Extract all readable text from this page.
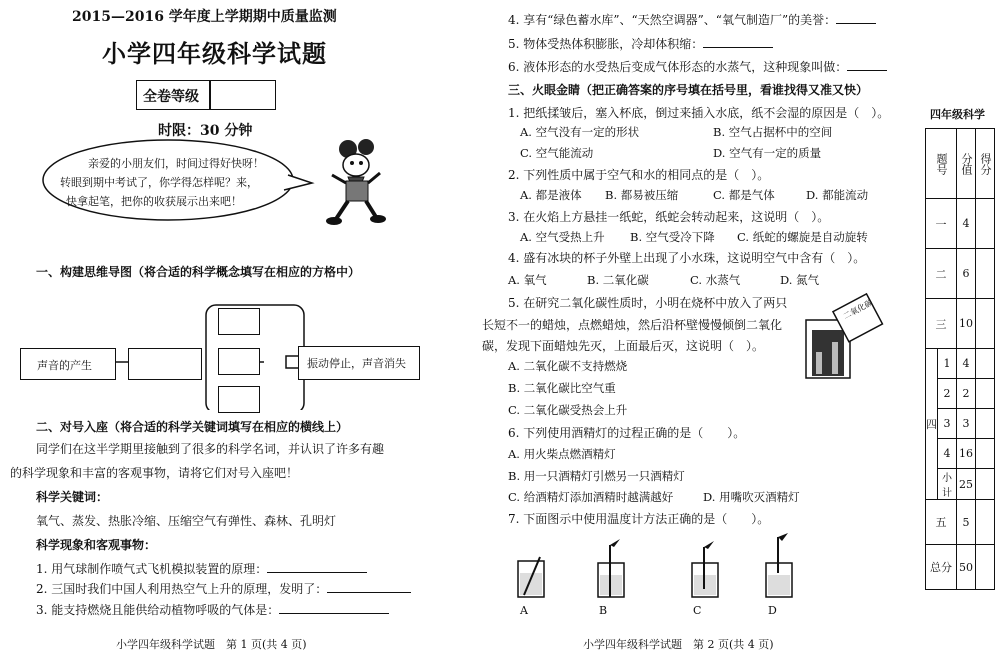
2015—2016 学年度上学期期中质量监测
小学四年级科学试题
全卷等级
时限：30 分钟
亲爱的小朋友们，时间过得好快呀！
转眼到期中考试了，你学得怎样呢？来，
快拿起笔，把你的收获展示出来吧！
一、构建思维导图（将合适的科学概念填写在相应的方格中）
声音的产生	振动停止，声音消失
二、对号入座（将合适的科学关键词填写在相应的横线上）
同学们在这半学期里接触到了很多的科学名词，并认识了许多有趣
的科学现象和丰富的客观事物，请将它们对号入座吧！
科学关键词：
氧气、蒸发、热胀冷缩、压缩空气有弹性、森林、孔明灯
科学现象和客观事物：
1. 用气球制作喷气式飞机模拟装置的原理：
2. 三国时我们中国人利用热空气上升的原理，发明了：
3. 能支持燃烧且能供给动植物呼吸的气体是：
小学四年级科学试题　第 1 页(共 4 页)
4. 享有“绿色蓄水库”、“天然空调器”、“氧气制造厂”的美誉：
5. 物体受热体积膨胀，冷却体积缩：
6. 液体形态的水受热后变成气体形态的水蒸气，这种现象叫做：
三、火眼金睛（把正确答案的序号填在括号里，看谁找得又准又快）
1. 把纸揉皱后，塞入杯底，倒过来插入水底，纸不会湿的原因是（　）。
A. 空气没有一定的形状	B. 空气占据杯中的空间
C. 空气能流动	D. 空气有一定的质量
2. 下列性质中属于空气和水的相同点的是（　）。
A. 都是液体 B. 都易被压缩	C. 都是气体	D. 都能流动
3. 在火焰上方悬挂一纸蛇，纸蛇会转动起来，这说明（　）。
A. 空气受热上升 B. 空气受冷下降 C. 纸蛇的螺旋是自动旋转
4. 盛有冰块的杯子外壁上出现了小水珠，这说明空气中含有（　）。
A. 氧气	B. 二氧化碳	C. 水蒸气	D. 氮气
5. 在研究二氧化碳性质时，小明在烧杯中放入了两只
长短不一的蜡烛，点燃蜡烛，然后沿杯壁慢慢倾倒二氧化
碳，发现下面蜡烛先灭，上面最后灭，这说明（　）。
二氧化碳
A. 二氧化碳不支持燃烧
B. 二氧化碳比空气重
C. 二氧化碳受热会上升
6. 下列使用酒精灯的过程正确的是（　　）。
A. 用火柴点燃酒精灯
B. 用一只酒精灯引燃另一只酒精灯
C. 给酒精灯添加酒精时越满越好	D. 用嘴吹灭酒精灯
7. 下面图示中使用温度计方法正确的是（　　）。
A	B	C	D
小学四年级科学试题　第 2 页(共 4 页)
四年级科学
题号		分值	得分
一		4	
二		6	
三		10	
四	1	4	
	2	2	
	3	3	
	4	16	
	小计	25	
五		5	
总分		50	
